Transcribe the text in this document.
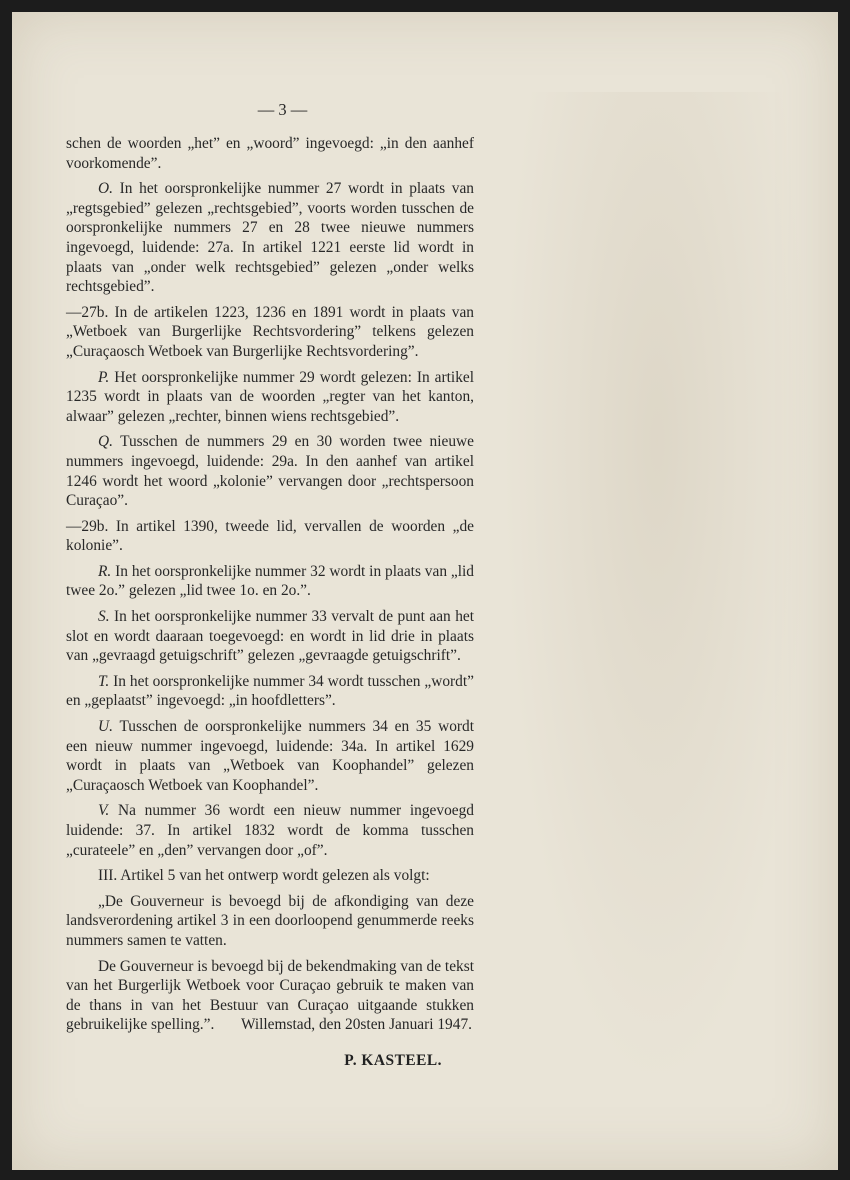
— 3 —

schen de woorden „het” en „woord” ingevoegd: „in den aanhef voorkomende”.

O. In het oorspronkelijke nummer 27 wordt in plaats van „regtsgebied” gelezen „rechtsgebied”, voorts worden tusschen de oorspronkelijke nummers 27 en 28 twee nieuwe nummers ingevoegd, luidende: 27a. In artikel 1221 eerste lid wordt in plaats van „onder welk rechtsgebied” gelezen „onder welks rechtsgebied”.

—27b. In de artikelen 1223, 1236 en 1891 wordt in plaats van „Wetboek van Burgerlijke Rechtsvordering” telkens gelezen „Curaçaosch Wetboek van Burgerlijke Rechtsvordering”.

P. Het oorspronkelijke nummer 29 wordt gelezen: In artikel 1235 wordt in plaats van de woorden „regter van het kanton, alwaar” gelezen „rechter, binnen wiens rechtsgebied”.

Q. Tusschen de nummers 29 en 30 worden twee nieuwe nummers ingevoegd, luidende: 29a. In den aanhef van artikel 1246 wordt het woord „kolonie” vervangen door „rechtspersoon Curaçao”.

—29b. In artikel 1390, tweede lid, vervallen de woorden „de kolonie”.

R. In het oorspronkelijke nummer 32 wordt in plaats van „lid twee 2o.” gelezen „lid twee 1o. en 2o.”.

S. In het oorspronkelijke nummer 33 vervalt de punt aan het slot en wordt daaraan toegevoegd: en wordt in lid drie in plaats van „gevraagd getuigschrift” gelezen „gevraagde getuigschrift”.

T. In het oorspronkelijke nummer 34 wordt tusschen „wordt” en „geplaatst” ingevoegd: „in hoofdletters”.

U. Tusschen de oorspronkelijke nummers 34 en 35 wordt een nieuw nummer ingevoegd, luidende: 34a. In artikel 1629 wordt in plaats van „Wetboek van Koophandel” gelezen „Curaçaosch Wetboek van Koophandel”.

V. Na nummer 36 wordt een nieuw nummer ingevoegd luidende: 37. In artikel 1832 wordt de komma tusschen „curateele” en „den” vervangen door „of”.

III. Artikel 5 van het ontwerp wordt gelezen als volgt:

„De Gouverneur is bevoegd bij de afkondiging van deze landsverordening artikel 3 in een doorloopend genummerde reeks nummers samen te vatten.

De Gouverneur is bevoegd bij de bekendmaking van de tekst van het Burgerlijk Wetboek voor Curaçao gebruik te maken van de thans in van het Bestuur van Curaçao uitgaande stukken gebruikelijke spelling.”.	Willemstad, den 20sten Januari 1947.
P. KASTEEL.
